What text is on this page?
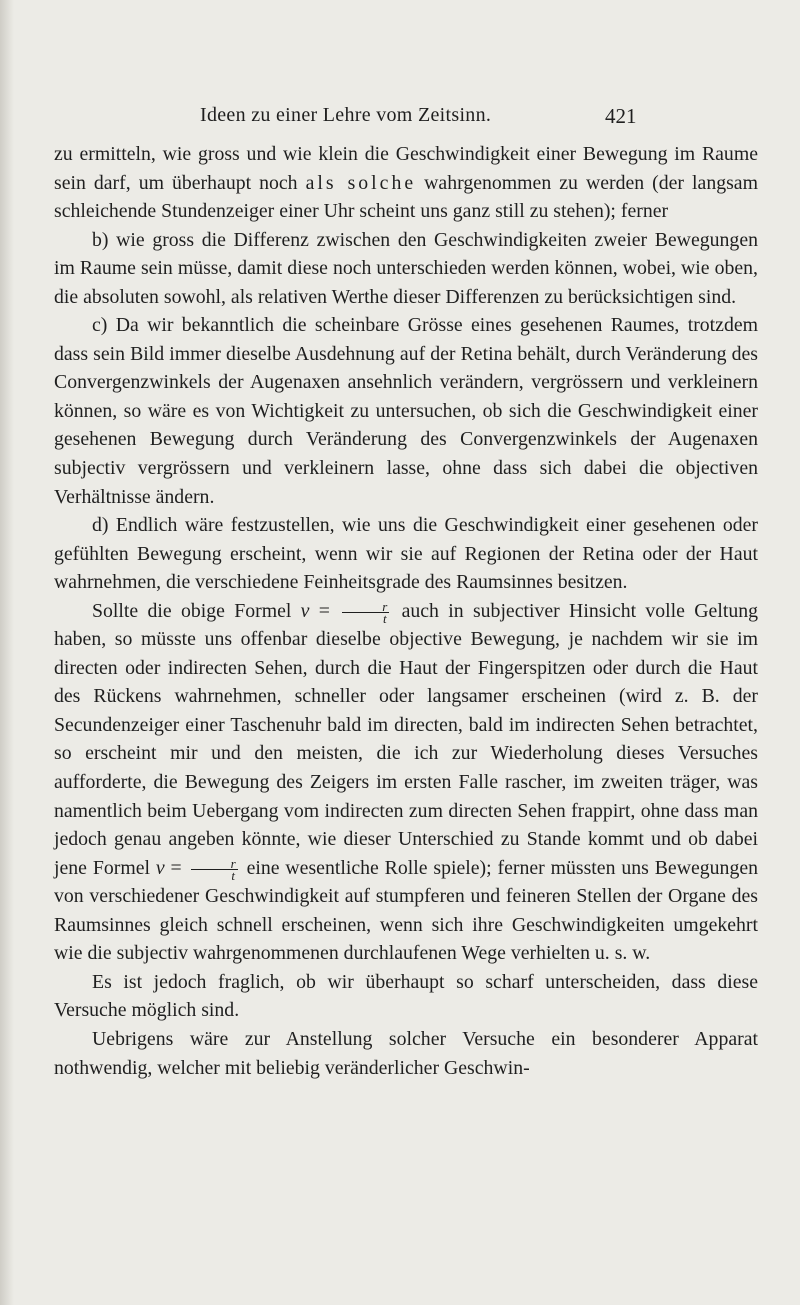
Ideen zu einer Lehre vom Zeitsinn.	421

zu ermitteln, wie gross und wie klein die Geschwindigkeit einer Bewegung im Raume sein darf, um überhaupt noch als solche wahrgenommen zu werden (der langsam schleichende Stundenzeiger einer Uhr scheint uns ganz still zu stehen); ferner

b) wie gross die Differenz zwischen den Geschwindigkeiten zweier Bewegungen im Raume sein müsse, damit diese noch unterschieden werden können, wobei, wie oben, die absoluten sowohl, als relativen Werthe dieser Differenzen zu berücksichtigen sind.

c) Da wir bekanntlich die scheinbare Grösse eines gesehenen Raumes, trotzdem dass sein Bild immer dieselbe Ausdehnung auf der Retina behält, durch Veränderung des Convergenzwinkels der Augenaxen ansehnlich verändern, vergrössern und verkleinern können, so wäre es von Wichtigkeit zu untersuchen, ob sich die Geschwindigkeit einer gesehenen Bewegung durch Veränderung des Convergenzwinkels der Augenaxen subjectiv vergrössern und verkleinern lasse, ohne dass sich dabei die objectiven Verhältnisse ändern.

d) Endlich wäre festzustellen, wie uns die Geschwindigkeit einer gesehenen oder gefühlten Bewegung erscheint, wenn wir sie auf Regionen der Retina oder der Haut wahrnehmen, die verschiedene Feinheitsgrade des Raumsinnes besitzen.

Sollte die obige Formel $v = \frac{r}{t}$ auch in subjectiver Hinsicht volle Geltung haben, so müsste uns offenbar dieselbe objective Bewegung, je nachdem wir sie im directen oder indirecten Sehen, durch die Haut der Fingerspitzen oder durch die Haut des Rückens wahrnehmen, schneller oder langsamer erscheinen (wird z. B. der Secundenzeiger einer Taschenuhr bald im directen, bald im indirecten Sehen betrachtet, so erscheint mir und den meisten, die ich zur Wiederholung dieses Versuches aufforderte, die Bewegung des Zeigers im ersten Falle rascher, im zweiten träger, was namentlich beim Uebergang vom indirecten zum directen Sehen frappirt, ohne dass man jedoch genau angeben könnte, wie dieser Unterschied zu Stande kommt und ob dabei jene Formel $v = \frac{r}{t}$ eine wesentliche Rolle spiele); ferner müssten uns Bewegungen von verschiedener Geschwindigkeit auf stumpferen und feineren Stellen der Organe des Raumsinnes gleich schnell erscheinen, wenn sich ihre Geschwindigkeiten umgekehrt wie die subjectiv wahrgenommenen durchlaufenen Wege verhielten u. s. w.

Es ist jedoch fraglich, ob wir überhaupt so scharf unterscheiden, dass diese Versuche möglich sind.

Uebrigens wäre zur Anstellung solcher Versuche ein besonderer Apparat nothwendig, welcher mit beliebig veränderlicher Geschwin-
